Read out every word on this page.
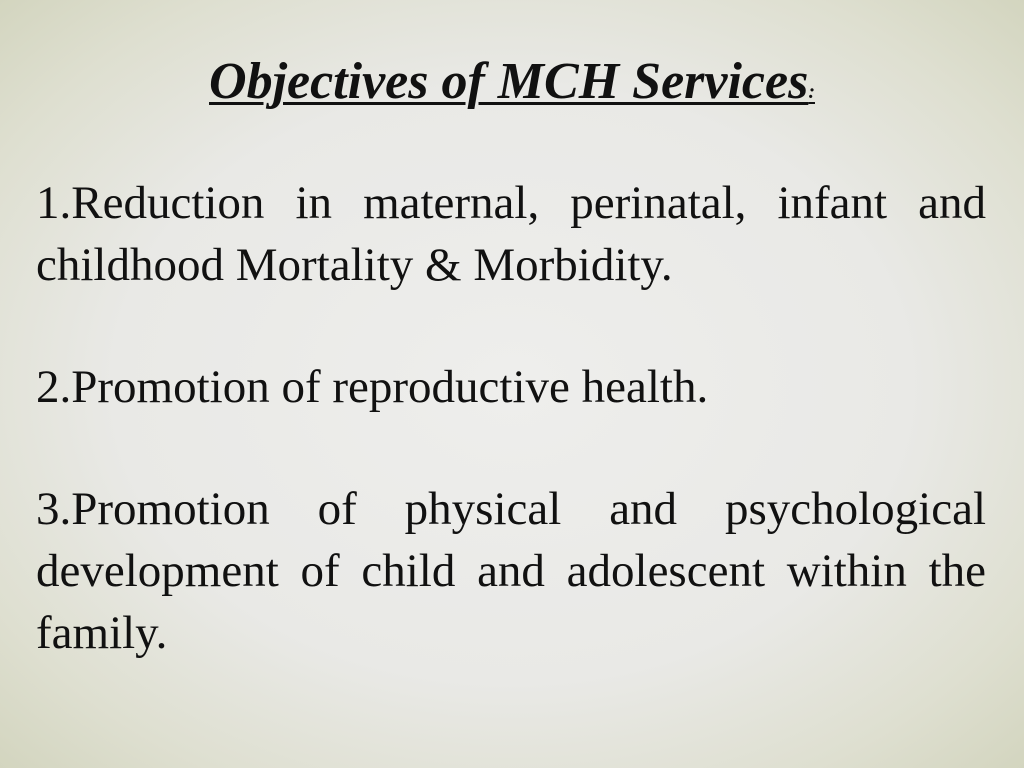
Objectives of MCH Services:
1.Reduction in maternal, perinatal, infant and childhood Mortality & Morbidity.
2.Promotion of reproductive health.
3.Promotion of physical and psychological development of child and adolescent within the family.
